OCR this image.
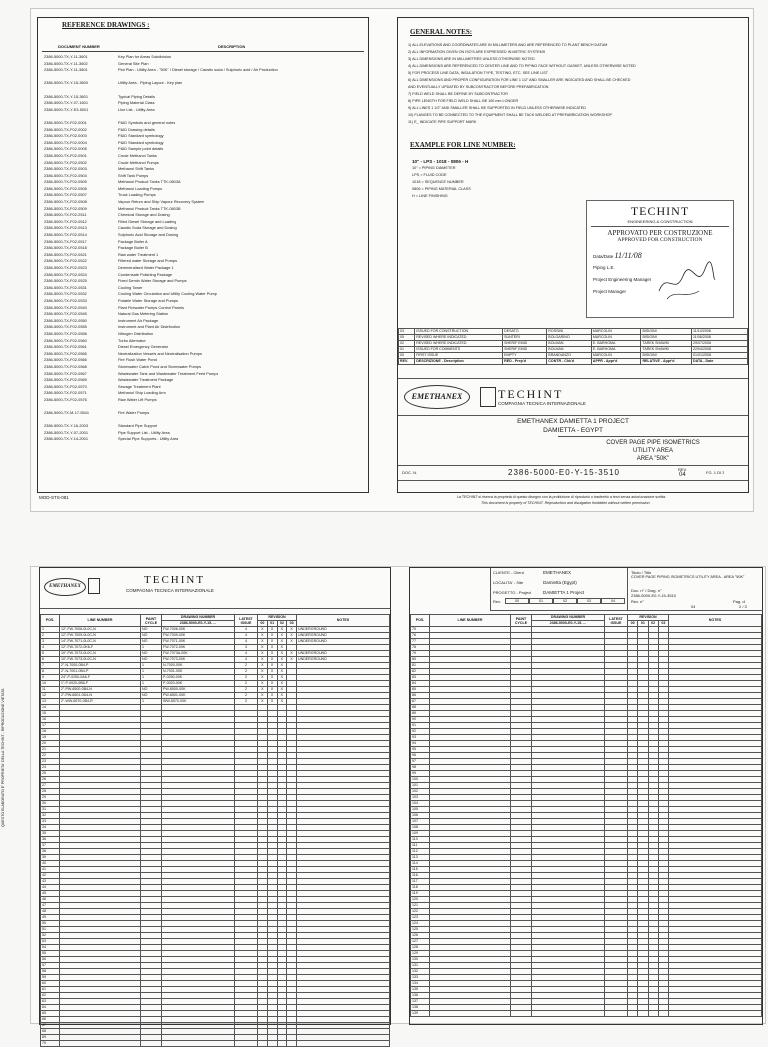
REFERENCE DRAWINGS :
DOCUMENT NUMBER	DESCRIPTION
2386-5000-TX-Y-11-3601	Key Plan for Areas Subdivision
2386-5000-TX-Y-11-3602	General Site Plan
2386-5000-TX-Y-11-3801	Plot Plan - Utility Area - "50K" / Diesel storage / Caustic soda / Sulphuric acid / Air Production
2386-5000-TX-Y-15-3600	Utility Area - Piping Layout - Key plan
2386-5000-TX-Y-15-3601	Typical Piping Details
2386-5000-TX-Y-07-1601	Piping Material Class
2386-5000-TX-Y-E3-5001	Line List - Utility Area
2386-5000-TX-F02-0001	P&ID Symbols and general notes
2386-5000-TX-F02-0002	P&ID Drawing details
2386-5000-TX-F02-0003	P&ID Standard symbology
2386-5000-TX-F02-0004	P&ID Standard symbology
2386-5000-TX-F02-0005	P&ID Sample point details
2386-5000-TX-F02-0501	Crude Methanol Tanks
2386-5000-TX-F02-0502	Crude Methanol Pumps
2386-5000-TX-F02-0503	Methanol Shift Tanks
2386-5000-TX-F02-0504	Shift Tank Pumps
2386-5000-TX-F02-0505	Methanol Product Tanks TTK-0803A
2386-5000-TX-F02-0506	Methanol Loading Pumps
2386-5000-TX-F02-0507	Truck Loading Pumps
2386-5000-TX-F02-0508	Vapour Return and Ship Vapour Recovery System
2386-5000-TX-F02-0509	Methanol Product Tanks TTK-0803B
2386-5000-TX-F02-2511	Chemical Storage and Dosing
2386-5000-TX-F02-0512	Filled Diesel Storage and Loading
2386-5000-TX-F02-0513	Caustic Soda Storage and Dosing
2386-5000-TX-F02-0514	Sulphuric Acid Storage and Dosing
2386-5000-TX-F02-0517	Package Boiler A
2386-5000-TX-F02-0518	Package Boiler B
2386-5000-TX-F02-0521	Raw water Treatment 1
2386-5000-TX-F02-0522	Filtered water Storage and Pumps
2386-5000-TX-F02-0523	Demineralised Water Package 1
2386-5000-TX-F02-0524	Condensate Polishing Package
2386-5000-TX-F02-0525	Fixed Demin Water Storage and Pumps
2386-5000-TX-F02-0531	Cooling Tower
2386-5000-TX-F02-0532	Cooling Water Circulation and Utility Cooling Water Pump
2386-5000-TX-F02-0533	Potable Water Storage and Pumps
2386-5000-TX-F02-0540	Plant Firewater Pumps Control Panels
2386-5000-TX-F02-0545	Natural Gas Metering Station
2386-5000-TX-F02-0550	Instrument Air Package
2386-5000-TX-F02-0555	Instrument and Plant Air Distribution
2386-5000-TX-F02-0556	Nitrogen Distribution
2386-5000-TX-F02-0560	Turbo Alternator
2386-5000-TX-F02-0561	Diesel Emergency Generator
2386-5000-TX-F02-0565	Neutralization Vessels and Neutralisation Pumps
2386-5000-TX-F02-0566	Fire Flush Water Pond
2386-5000-TX-F02-0568	Stormwater Catch Pond and Stormwater Pumps
2386-5000-TX-F02-0567	Wastewater Tank and Wastewater Treatment Feed Pumps
2386-5000-TX-F02-0569	Wastewater Treatment Package
2386-5000-TX-F02-0570	Sewage Treatment Plant
2386-5000-TX-F02-0571	Methanol Ship Loading Arm
2386-5000-TX-F02-0576	Raw Water Lift Pumps
2386-5000-TX-M-17-5541	Fire Water Pumps
2386-5000-TX-Y-16-2003	Standard Pipe Support
2386-5000-TX-Y-07-2001	Pipe Support List - Utility Area
2386-5000-TX-Y-14-2001	Special Pipe Supports - Utility Area
MOD-STS-081
GENERAL NOTES:
1) ALL ELEVATIONS AND COORDINATES ARE IN MILLIMETERS AND ARE REFERENCED TO PLANT BENCH DATUM
2) ALL INFORMATION GIVEN ON ISO'S ARE EXPRESSED IN METRIC SYSTEMS
3) ALL DIMENSIONS ARE IN MILLIMETRES UNLESS OTHERWISE NOTED
4) ALL DIMENSIONS ARE REFERENCED TO CENTER LINE AND TO PIPING FACE WITHOUT GASKET, UNLESS OTHERWISE NOTED
5) FOR PROCESS LINE DATA, INSULATION TYPE, TESTING, ETC. SEE LINE LIST
6) ALL DIMENSIONS AND PROPER CONFIGURATION FOR LINE 1 1/2" AND SMALLER ARE INDICATED AND SHALL BE CHECKED
AND EVENTUALLY UPDATED BY SUBCONTRACTOR BEFORE PREFABRICATION
7) FIELD WELD SHALL BE DEFINE BY SUBCONTRACTOR
8) PIPE LENGTH FOR FIELD WELD SHALL BE 100 mm LONGER
9) ALL LINES 1 1/2" AND SMALLER SHALL BE SUPPORTED IN FIELD UNLESS OTHERWISE INDICATED
10) FLANGES TO BE CONNECTED TO THE EQUIPMENT SHALL BE TACK WELDED AT PREFABRICATION WORKSHOP
11) E_ INDICATE PIPE SUPPORT MARK
EXAMPLE FOR LINE NUMBER:
10" - LPS - 1018 - 0806 - H
10" = PIPING DIAMETER
LPS = FLUID CODE
1018 = SEQUENCE NUMBER
0806 = PIPING MATERIAL CLASS
H = LINE FINISHING
TECHINT
ENGINEERING & CONSTRUCTION
APPROVATO PER COSTRUZIONE
APPROVED FOR CONSTRUCTION
Data/Date 11/11/08
Piping L.E.
Project Engineering Manager
Project Manager
03	ISSUED FOR CONSTRUCTION	DESATO	ROSSINI	MARCOLIN	BISIGINI	11/10/2008
05	REVISED WHERE INDICATED	SUNTERI	BOLGARINO	MARCOLIN	BISIGINI	11/06/2008
02	REVISED WHERE INDICATED	SHERIF EMID	BOLMAN	E. BARHOMA	TAREK SHAWKI	29/07/2008
01	ISSUED FOR COMMENTS	SHERIF EMID	BOLMAN	E. BARHOMA	TAREK SHAWKI	22/04/2008
00	FIRST ISSUE	EMPTY	BRANDANZO	MARCOLIN	BISIGINI	01/01/2008
REV.	DESCRIZIONE - Description	RED - Prep'd	CONTR - Chk'd	APPR - Appr'd	RELATIVE - Appr'd	DATA - Date
EMETHANEX	TECHINT
COMPAGNIA TECNICA INTERNAZIONALE
EMETHANEX DAMIETTA 1 PROJECT
DAMIETTA - EGYPT
COVER PAGE PIPE ISOMETRICS
UTILITY AREA
AREA "50K"
DOC. N.	2386-5000-E0-Y-15-3510	REV.
04	FG. 1 DI 3
La TECHINT si riserva la proprietà di questo disegno con la proibizione di riprodurlo o trasferirlo a terzi senza autorizzazione scritta.
This document is property of TECHINT. Reproduction and divulgation forbidden without written permission.
QUESTO ELABORATO E' PROPRIETA' DELLA TECHINT - RIPRODUZIONE VIETATA
EMETHANEX
TECHINT
COMPAGNIA TECNICA INTERNAZIONALE
POS.	LINE NUMBER	PAINT CYCLE	DRAWING NUMBER	LATEST ISSUE	REVISION				NOTES
			2386-5000-E0-Y-15- ...		00	01	02	03	
1	12"-FW-7006-0L0C-N	NO	FW-7006-00K	4	X	X	X	X	UNDERGROUND
2	12"-FW-7009-0L0C-N	NO	FW-7009-00K	4	X	X	X	X	UNDERGROUND
3	14"-FW-7071-0L0C-N	NO	FW-7071-00K	4	X	X	X	X	UNDERGROUND
4	12"-FW-7072-0K6-F	1	FW-7072-00K	3	X	X	X		
5	10"-FW-7073-0L0C-N	NO	FW-7073A-00K	4	X	X	X	X	UNDERGROUND
6	10"-FW-7073-0L0C-N	NO	FW-7073-00K	4	X	X	X	X	UNDERGROUND
7	2"-N-7000-0B4-P	1	N-7000-00K	2	X	X	X		
8	2"-N-7001-0B4-P	1	N-7001-00K	2	X	X	X		
9	24"-P-0250-0A6-F	1	P-0250-00K	2	X	X	X		
10	1"-P-0020-0B6-F	1	P-0020-00K	2	X	X	X		
11	2"-PW-6500-0B4-N	NO	PW-6500-00K	2	X	X	X		
12	2"-PW-6501-0D4-N	NO	PW-6501-00K	2	X	X	X		
13	2"-WW-6570-0B4-R	1	WW-6570-00K	2	X	X	X		
14									
15									
16									
17									
18									
19									
20									
21									
22									
23									
24									
25									
26									
27									
28									
29									
30									
31									
32									
33									
34									
35									
36									
37									
38									
39									
40									
41									
42									
43									
44									
45									
46									
47									
48									
49									
50									
51									
52									
53									
54									
55									
56									
57									
58									
59									
60									
61									
62									
63									
64									
65									
66									
67									
68									
69									
70									
CLIENTE - Client	EMETHANEX
LOCALITA' - Site	Damietta (Egypt)
PROGETTO - Project	DAMIETTA 1 Project
Rev.	00	01	02	03	04
Titolo / Title
COVER PAGE PIPING ISOMETRICS UTILITY AREA - AREA "50K"
Doc. n° / Dwg. n°
2386-5000-E0-Y-15-3510
Rev. n°
04
Pag. di
2 / 3
POS.	LINE NUMBER	PAINT CYCLE	DRAWING NUMBER	LATEST ISSUE	REVISION				NOTES
			2386-5000-E0-Y-15- ...		00	01	02	03	
75									
76									
77									
78									
79									
80									
81									
82									
83									
84									
85									
86									
87									
88									
89									
90									
91									
92									
93									
94									
95									
96									
97									
98									
99									
100									
101									
102									
103									
104									
105									
106									
107									
108									
109									
110									
111									
112									
113									
114									
115									
116									
117									
118									
119									
120									
121									
122									
123									
124									
125									
126									
127									
128									
129									
130									
131									
132									
133									
134									
135									
136									
137									
138									
139									
